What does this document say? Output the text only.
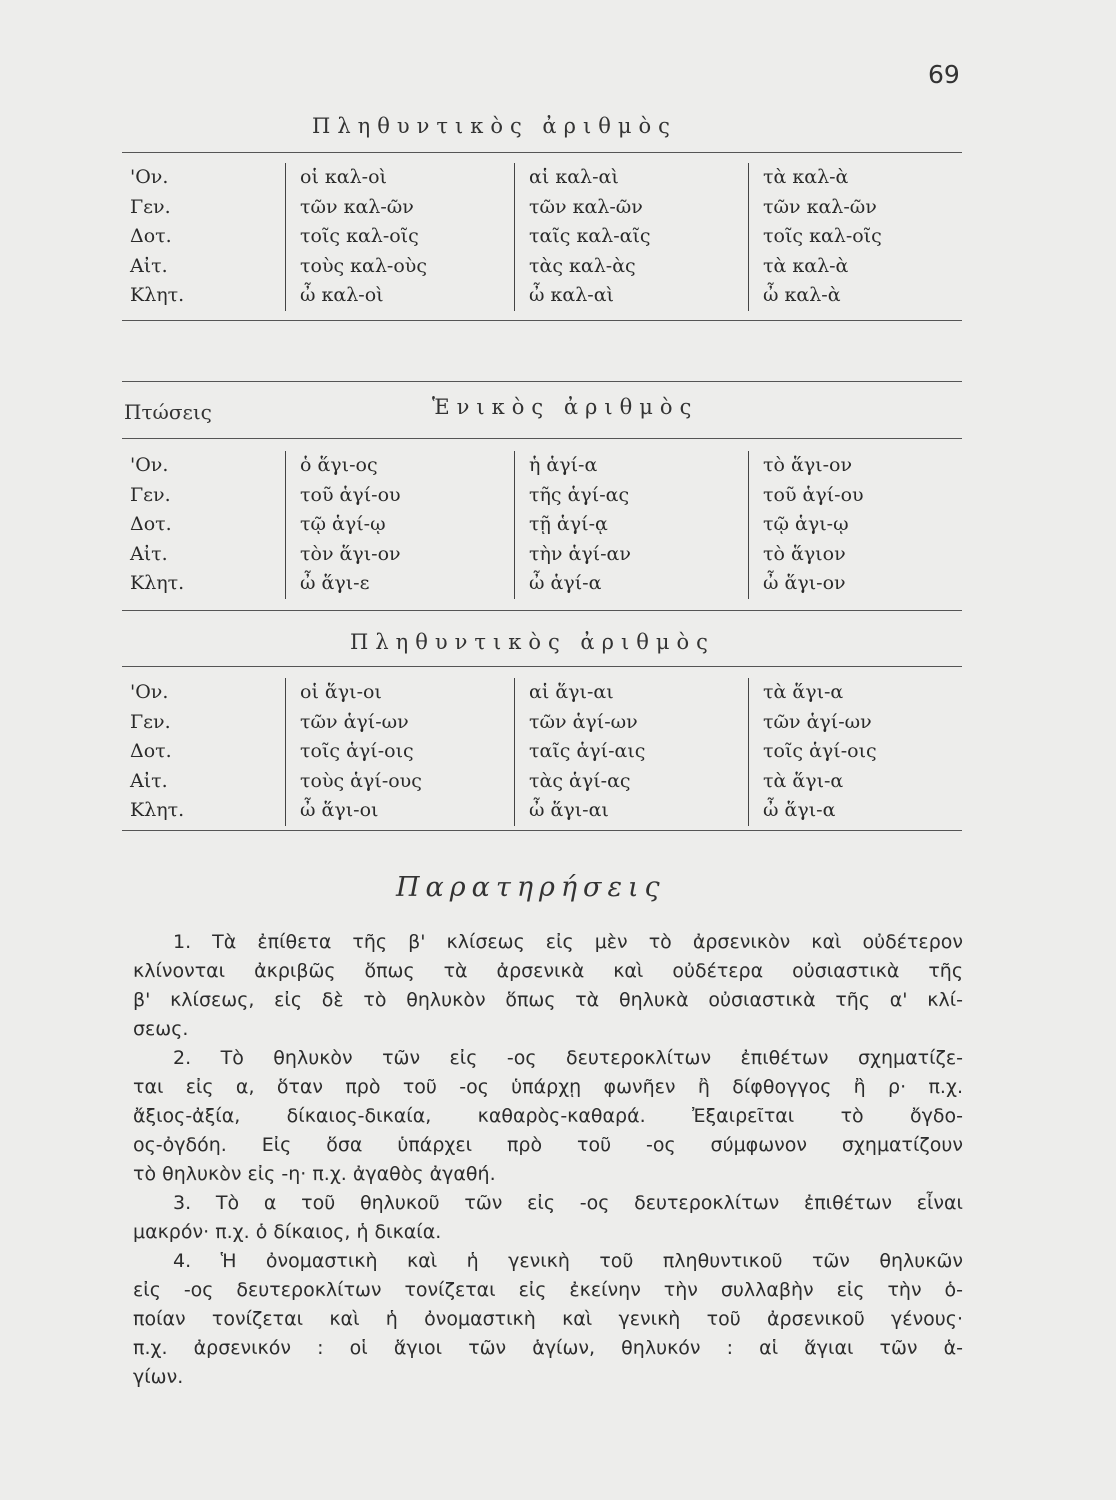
69
Πληθυντικὸς ἀριθμὸς
'Ον.	οἱ καλ-οὶ	αἱ καλ-αὶ	τὰ καλ-ὰ
Γεν.	τῶν καλ-ῶν	τῶν καλ-ῶν	τῶν καλ-ῶν
Δοτ.	τοῖς καλ-οῖς	ταῖς καλ-αῖς	τοῖς καλ-οῖς
Αἰτ.	τοὺς καλ-οὺς	τὰς καλ-ὰς	τὰ καλ-ὰ
Κλητ.	ὦ καλ-οὶ	ὦ καλ-αὶ	ὦ καλ-ὰ
Πτώσεις	Ἑνικὸς ἀριθμὸς
'Ον.	ὁ ἅγι-ος	ἡ ἁγί-α	τὸ ἅγι-ον
Γεν.	τοῦ ἁγί-ου	τῆς ἁγί-ας	τοῦ ἁγί-ου
Δοτ.	τῷ ἁγί-ῳ	τῇ ἁγί-ᾳ	τῷ ἁγι-ῳ
Αἰτ.	τὸν ἅγι-ον	τὴν ἁγί-αν	τὸ ἅγιον
Κλητ.	ὦ ἅγι-ε	ὦ ἁγί-α	ὦ ἅγι-ον
Πληθυντικὸς ἀριθμὸς
'Ον.	οἱ ἅγι-οι	αἱ ἅγι-αι	τὰ ἅγι-α
Γεν.	τῶν ἁγί-ων	τῶν ἁγί-ων	τῶν ἁγί-ων
Δοτ.	τοῖς ἁγί-οις	ταῖς ἁγί-αις	τοῖς ἁγί-οις
Αἰτ.	τοὺς ἁγί-ους	τὰς ἁγί-ας	τὰ ἅγι-α
Κλητ.	ὦ ἅγι-οι	ὦ ἅγι-αι	ὦ ἅγι-α
Παρατηρήσεις

1. Τὰ ἐπίθετα τῆς β' κλίσεως εἰς μὲν τὸ ἀρσενικὸν καὶ οὐδέτερον

κλίνονται ἀκριβῶς ὅπως τὰ ἀρσενικὰ καὶ οὐδέτερα οὐσιαστικὰ τῆς

β' κλίσεως, εἰς δὲ τὸ θηλυκὸν ὅπως τὰ θηλυκὰ οὐσιαστικὰ τῆς α' κλί-

σεως.

2. Τὸ θηλυκὸν τῶν εἰς -ος δευτεροκλίτων ἐπιθέτων σχηματίζε-

ται εἰς α, ὅταν πρὸ τοῦ -ος ὑπάρχῃ φωνῆεν ἢ δίφθογγος ἢ ρ· π.χ.

ἄξιος-ἀξία, δίκαιος-δικαία, καθαρὸς-καθαρά. Ἐξαιρεῖται τὸ ὄγδο-

ος-ὀγδόη. Εἰς ὅσα ὑπάρχει πρὸ τοῦ -ος σύμφωνον σχηματίζουν

τὸ θηλυκὸν εἰς -η· π.χ. ἀγαθὸς ἀγαθή.

3. Τὸ α τοῦ θηλυκοῦ τῶν εἰς -ος δευτεροκλίτων ἐπιθέτων εἶναι

μακρόν· π.χ. ὁ δίκαιος, ἡ δικαία.

4. Ἡ ὀνομαστικὴ καὶ ἡ γενικὴ τοῦ πληθυντικοῦ τῶν θηλυκῶν

εἰς -ος δευτεροκλίτων τονίζεται εἰς ἐκείνην τὴν συλλαβὴν εἰς τὴν ὁ-

ποίαν τονίζεται καὶ ἡ ὀνομαστικὴ καὶ γενικὴ τοῦ ἀρσενικοῦ γένους·

π.χ. ἀρσενικόν : οἱ ἅγιοι τῶν ἁγίων, θηλυκόν : αἱ ἅγιαι τῶν ἁ-

γίων.
